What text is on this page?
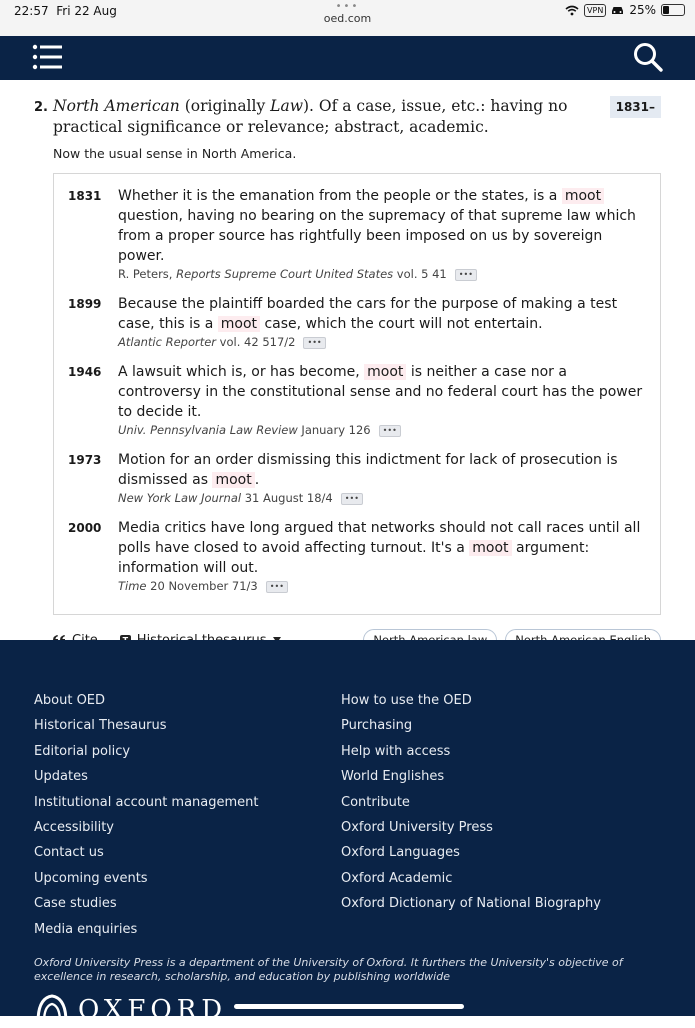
22:57 Fri 22 Aug	•••
oed.com
VPN 25%
2. North American (originally Law). Of a case, issue, etc.: having no practical significance or relevance; abstract, academic.
1831–
Now the usual sense in North America.
1831	Whether it is the emanation from the people or the states, is a moot question, having no bearing on the supremacy of that supreme law which from a proper source has rightfully been imposed on us by sovereign power.
R. Peters, Reports Supreme Court United States vol. 5 41 •••
1899	Because the plaintiff boarded the cars for the purpose of making a test case, this is a moot case, which the court will not entertain.
Atlantic Reporter vol. 42 517/2 •••
1946	A lawsuit which is, or has become, moot is neither a case nor a controversy in the constitutional sense and no federal court has the power to decide it.
Univ. Pennsylvania Law Review January 126 •••
1973	Motion for an order dismissing this indictment for lack of prosecution is dismissed as moot .
New York Law Journal 31 August 18/4 •••
2000	Media critics have long argued that networks should not call races until all polls have closed to avoid affecting turnout. It's a moot argument: information will out.
Time 20 November 71/3 •••
About OED
Historical Thesaurus
Editorial policy
Updates
Institutional account management
Accessibility
Contact us
Upcoming events
Case studies
Media enquiries
How to use the OED
Purchasing
Help with access
World Englishes
Contribute
Oxford University Press
Oxford Languages
Oxford Academic
Oxford Dictionary of National Biography
Oxford University Press is a department of the University of Oxford. It furthers the University's objective of excellence in research, scholarship, and education by publishing worldwide
OXFORD
